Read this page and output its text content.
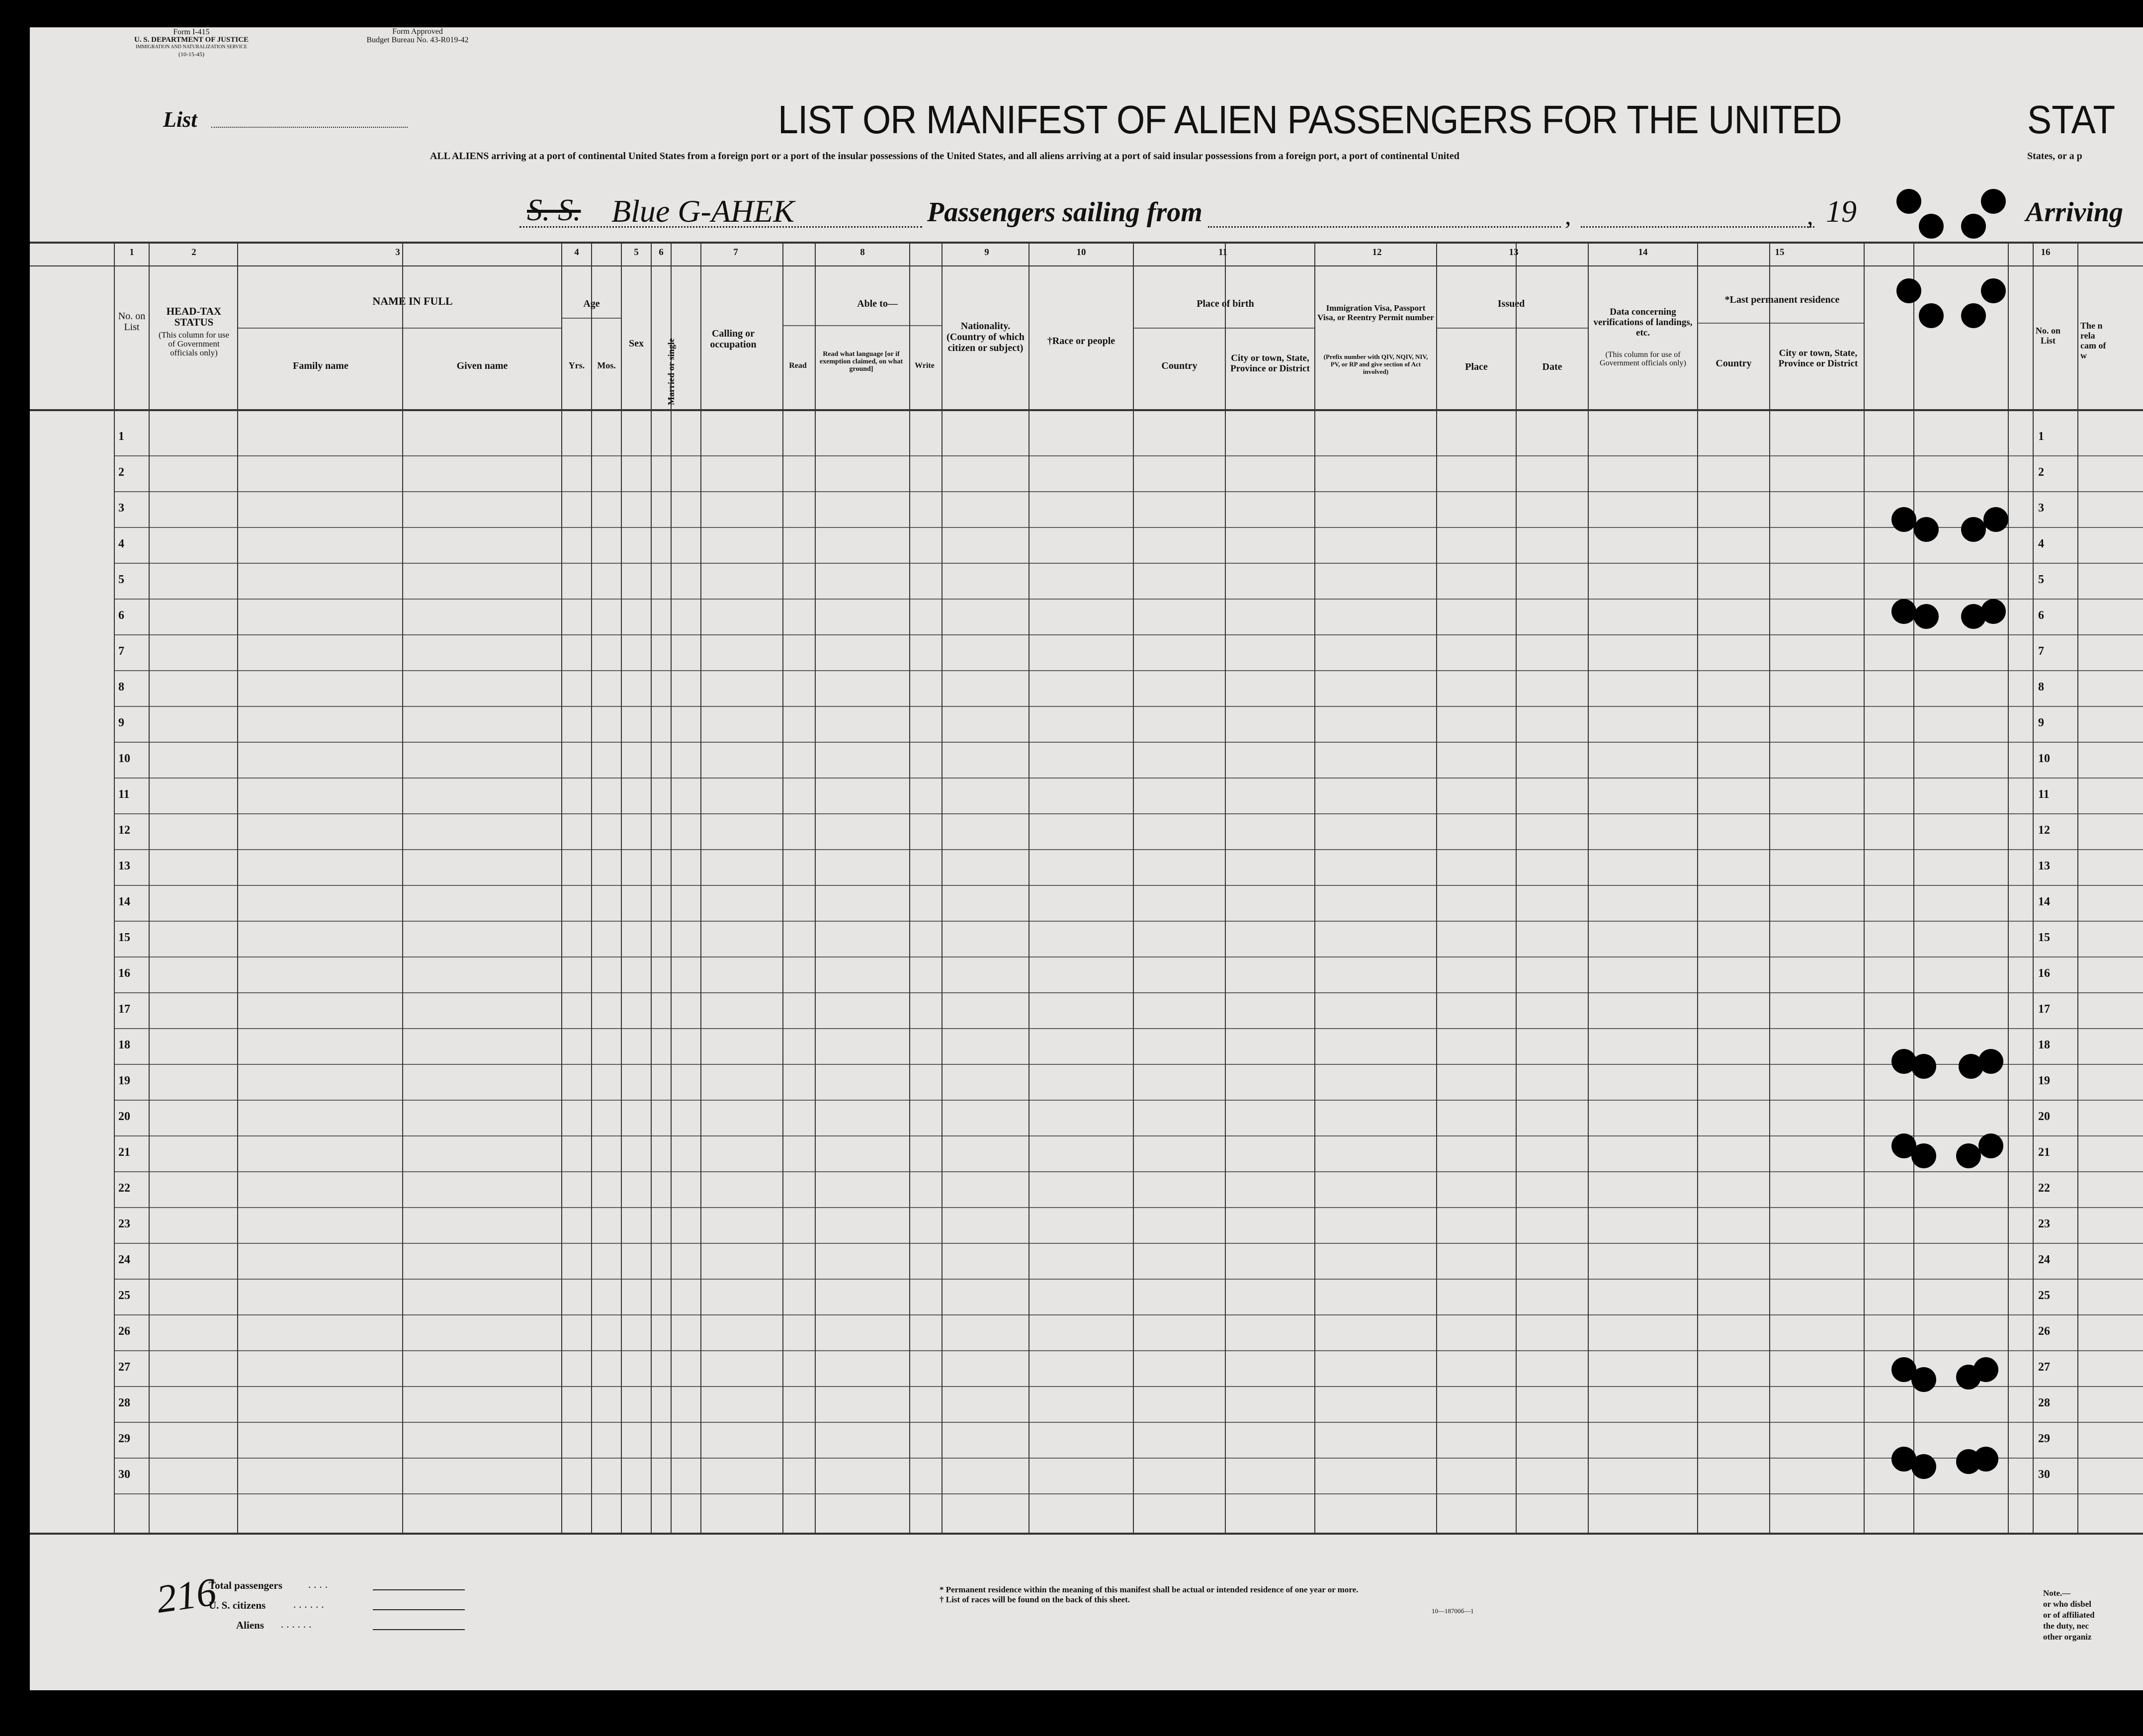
Form I-415
U. S. DEPARTMENT OF JUSTICE
IMMIGRATION AND NATURALIZATION SERVICE
(10-15-45)
Form Approved
Budget Bureau No. 43-R019-42
List	LIST OR MANIFEST OF ALIEN PASSENGERS FOR THE UNITED	STAT
ALL ALIENS arriving at a port of continental United States from a foreign port or a port of the insular possessions of the United States, and all aliens arriving at a port of said insular possessions from a foreign port, a port of continental United	States, or a p
S. S. Blue G-AHEK	Passengers sailing from	,	, 19	Arriving
1	2	3	4	5	6	7	8	9	10	11	12	13	14	15	16
No. on List
HEAD-TAX STATUS
(This column for use of Government officials only)
NAME IN FULL
Family name	Given name
Age
Yrs.	Mos.
Sex	Married or single
Calling or occupation
Able to—
Read
Read what language [or if exemption claimed, on what ground]	Write
Nationality. (Country of which citizen or subject)
†Race or people
Place of birth
Country
City or town, State, Province or District
Immigration Visa, Passport Visa, or Reentry Permit number
(Prefix number with QIV, NQIV, NIV, PV, or RP and give section of Act involved)
Issued
Place	Date
Data concerning verifications of landings, etc.
(This column for use of Government officials only)
*Last permanent residence
Country
City or town, State, Province or District
No. on List
The n rela cam of w
1	1
2	2
3	3
4	4
5	5
6	6
7	7
8	8
9	9
10	10
11	11
12	12
13	13
14	14
15	15
16	16
17	17
18	18
19	19
20	20
21	21
22	22
23	23
24	24
25	25
26	26
27	27
28	28
29	29
30	30
216
Total passengers ....
U. S. citizens	......
Aliens ......
* Permanent residence within the meaning of this manifest shall be actual or intended residence of one year or more.
† List of races will be found on the back of this sheet.
10—18700б—1
Note.—
or who disbel
or of affiliated
the duty, nec
other organiz
